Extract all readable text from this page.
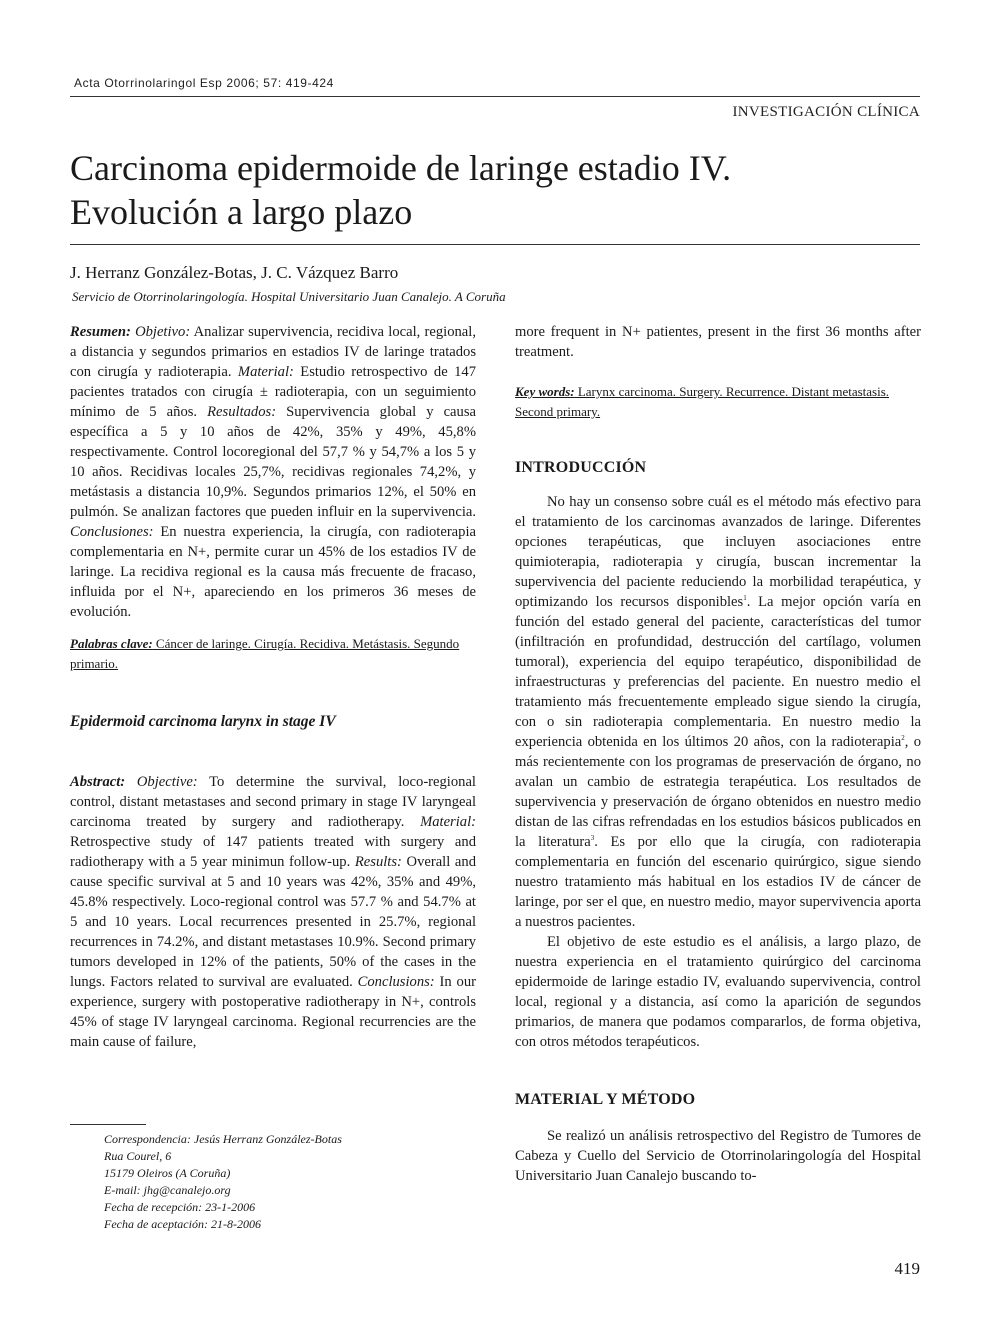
Acta Otorrinolaringol Esp 2006; 57: 419-424
INVESTIGACIÓN CLÍNICA
Carcinoma epidermoide de laringe estadio IV.
Evolución a largo plazo
J. Herranz González-Botas, J. C. Vázquez Barro
Servicio de Otorrinolaringología. Hospital Universitario Juan Canalejo. A Coruña

Resumen: Objetivo: Analizar supervivencia, recidiva local, regional, a distancia y segundos primarios en estadios IV de laringe tratados con cirugía y radioterapia. Material: Estudio retrospectivo de 147 pacientes tratados con cirugía ± radioterapia, con un seguimiento mínimo de 5 años. Resultados: Supervivencia global y causa específica a 5 y 10 años de 42%, 35% y 49%, 45,8% respectivamente. Control locoregional del 57,7 % y 54,7% a los 5 y 10 años. Recidivas locales 25,7%, recidivas regionales 74,2%, y metástasis a distancia 10,9%. Segundos primarios 12%, el 50% en pulmón. Se analizan factores que pueden influir en la supervivencia. Conclusiones: En nuestra experiencia, la cirugía, con radioterapia complementaria en N+, permite curar un 45% de los estadios IV de laringe. La recidiva regional es la causa más frecuente de fracaso, influida por el N+, apareciendo en los primeros 36 meses de evolución.

Palabras clave: Cáncer de laringe. Cirugía. Recidiva. Metástasis. Segundo primario.

Epidermoid carcinoma larynx in stage IV

Abstract: Objective: To determine the survival, loco-regional control, distant metastases and second primary in stage IV laryngeal carcinoma treated by surgery and radiotherapy. Material: Retrospective study of 147 patients treated with surgery and radiotherapy with a 5 year minimun follow-up. Results: Overall and cause specific survival at 5 and 10 years was 42%, 35% and 49%, 45.8% respectively. Loco-regional control was 57.7 % and 54.7% at 5 and 10 years. Local recurrences presented in 25.7%, regional recurrences in 74.2%, and distant metastases 10.9%. Second primary tumors developed in 12% of the patients, 50% of the cases in the lungs. Factors related to survival are evaluated. Conclusions: In our experience, surgery with postoperative radiotherapy in N+, controls 45% of stage IV laryngeal carcinoma. Regional recurrencies are the main cause of failure,

more frequent in N+ patientes, present in the first 36 months after treatment.

Key words: Larynx carcinoma. Surgery. Recurrence. Distant metastasis. Second primary.

INTRODUCCIÓN

No hay un consenso sobre cuál es el método más efectivo para el tratamiento de los carcinomas avanzados de laringe. Diferentes opciones terapéuticas, que incluyen asociaciones entre quimioterapia, radioterapia y cirugía, buscan incrementar la supervivencia del paciente reduciendo la morbilidad terapéutica, y optimizando los recursos disponibles$^1$. La mejor opción varía en función del estado general del paciente, características del tumor (infiltración en profundidad, destrucción del cartílago, volumen tumoral), experiencia del equipo terapéutico, disponibilidad de infraestructuras y preferencias del paciente. En nuestro medio el tratamiento más frecuentemente empleado sigue siendo la cirugía, con o sin radioterapia complementaria. En nuestro medio la experiencia obtenida en los últimos 20 años, con la radioterapia$^2$, o más recientemente con los programas de preservación de órgano, no avalan un cambio de estrategia terapéutica. Los resultados de supervivencia y preservación de órgano obtenidos en nuestro medio distan de las cifras refrendadas en los estudios básicos publicados en la literatura$^3$. Es por ello que la cirugía, con radioterapia complementaria en función del escenario quirúrgico, sigue siendo nuestro tratamiento más habitual en los estadios IV de cáncer de laringe, por ser el que, en nuestro medio, mayor supervivencia aporta a nuestros pacientes.

El objetivo de este estudio es el análisis, a largo plazo, de nuestra experiencia en el tratamiento quirúrgico del carcinoma epidermoide de laringe estadio IV, evaluando supervivencia, control local, regional y a distancia, así como la aparición de segundos primarios, de manera que podamos compararlos, de forma objetiva, con otros métodos terapéuticos.

MATERIAL Y MÉTODO

Se realizó un análisis retrospectivo del Registro de Tumores de Cabeza y Cuello del Servicio de Otorrinolaringología del Hospital Universitario Juan Canalejo buscando to-

Correspondencia: Jesús Herranz González-Botas
Rua Courel, 6
15179 Oleiros (A Coruña)
E-mail: jhg@canalejo.org
Fecha de recepción: 23-1-2006
Fecha de aceptación: 21-8-2006
419
